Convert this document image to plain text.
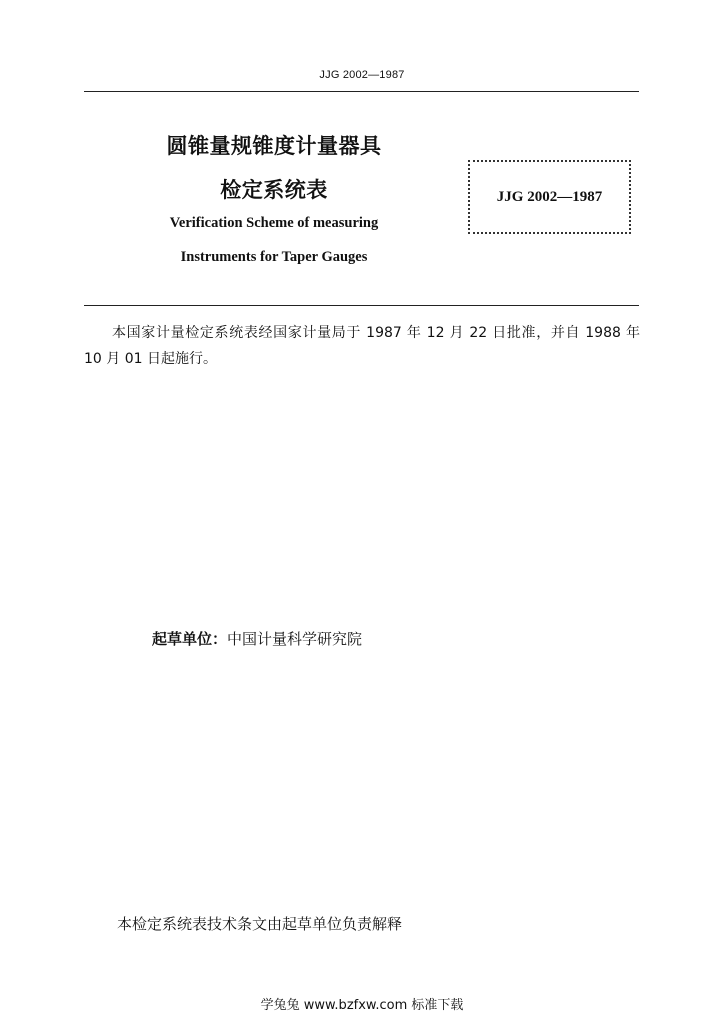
JJG 2002—1987
圆锥量规锥度计量器具
检定系统表
Verification Scheme of measuring
Instruments for Taper Gauges
JJG 2002—1987
本国家计量检定系统表经国家计量局于 1987 年 12 月 22 日批准，并自 1988 年 10 月 01 日起施行。
起草单位：中国计量科学研究院
本检定系统表技术条文由起草单位负责解释
学兔兔 www.bzfxw.com 标准下载
